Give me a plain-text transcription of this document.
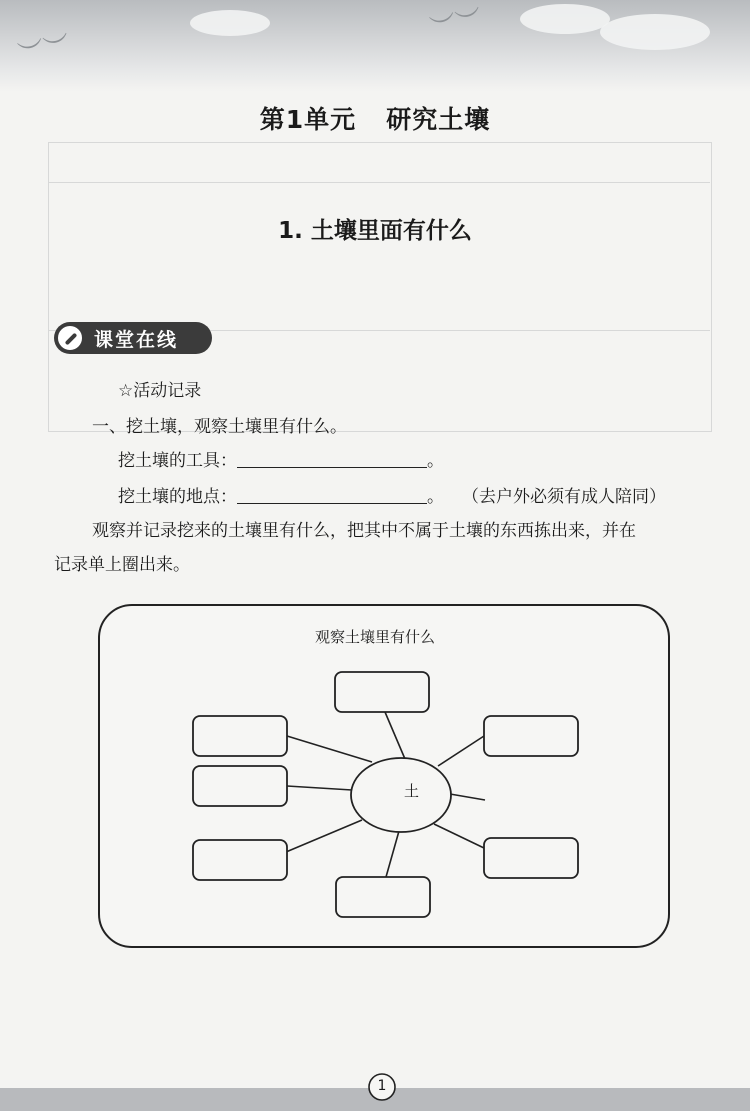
︶︶
︶︶
第1单元 研究土壤
1. 土壤里面有什么
课堂在线
☆活动记录
一、挖土壤，观察土壤里有什么。
挖土壤的工具：	。
挖土壤的地点：	。 （去户外必须有成人陪同）
观察并记录挖来的土壤里有什么，把其中不属于土壤的东西拣出来，并在
记录单上圈出来。
观察土壤里有什么
土
1
